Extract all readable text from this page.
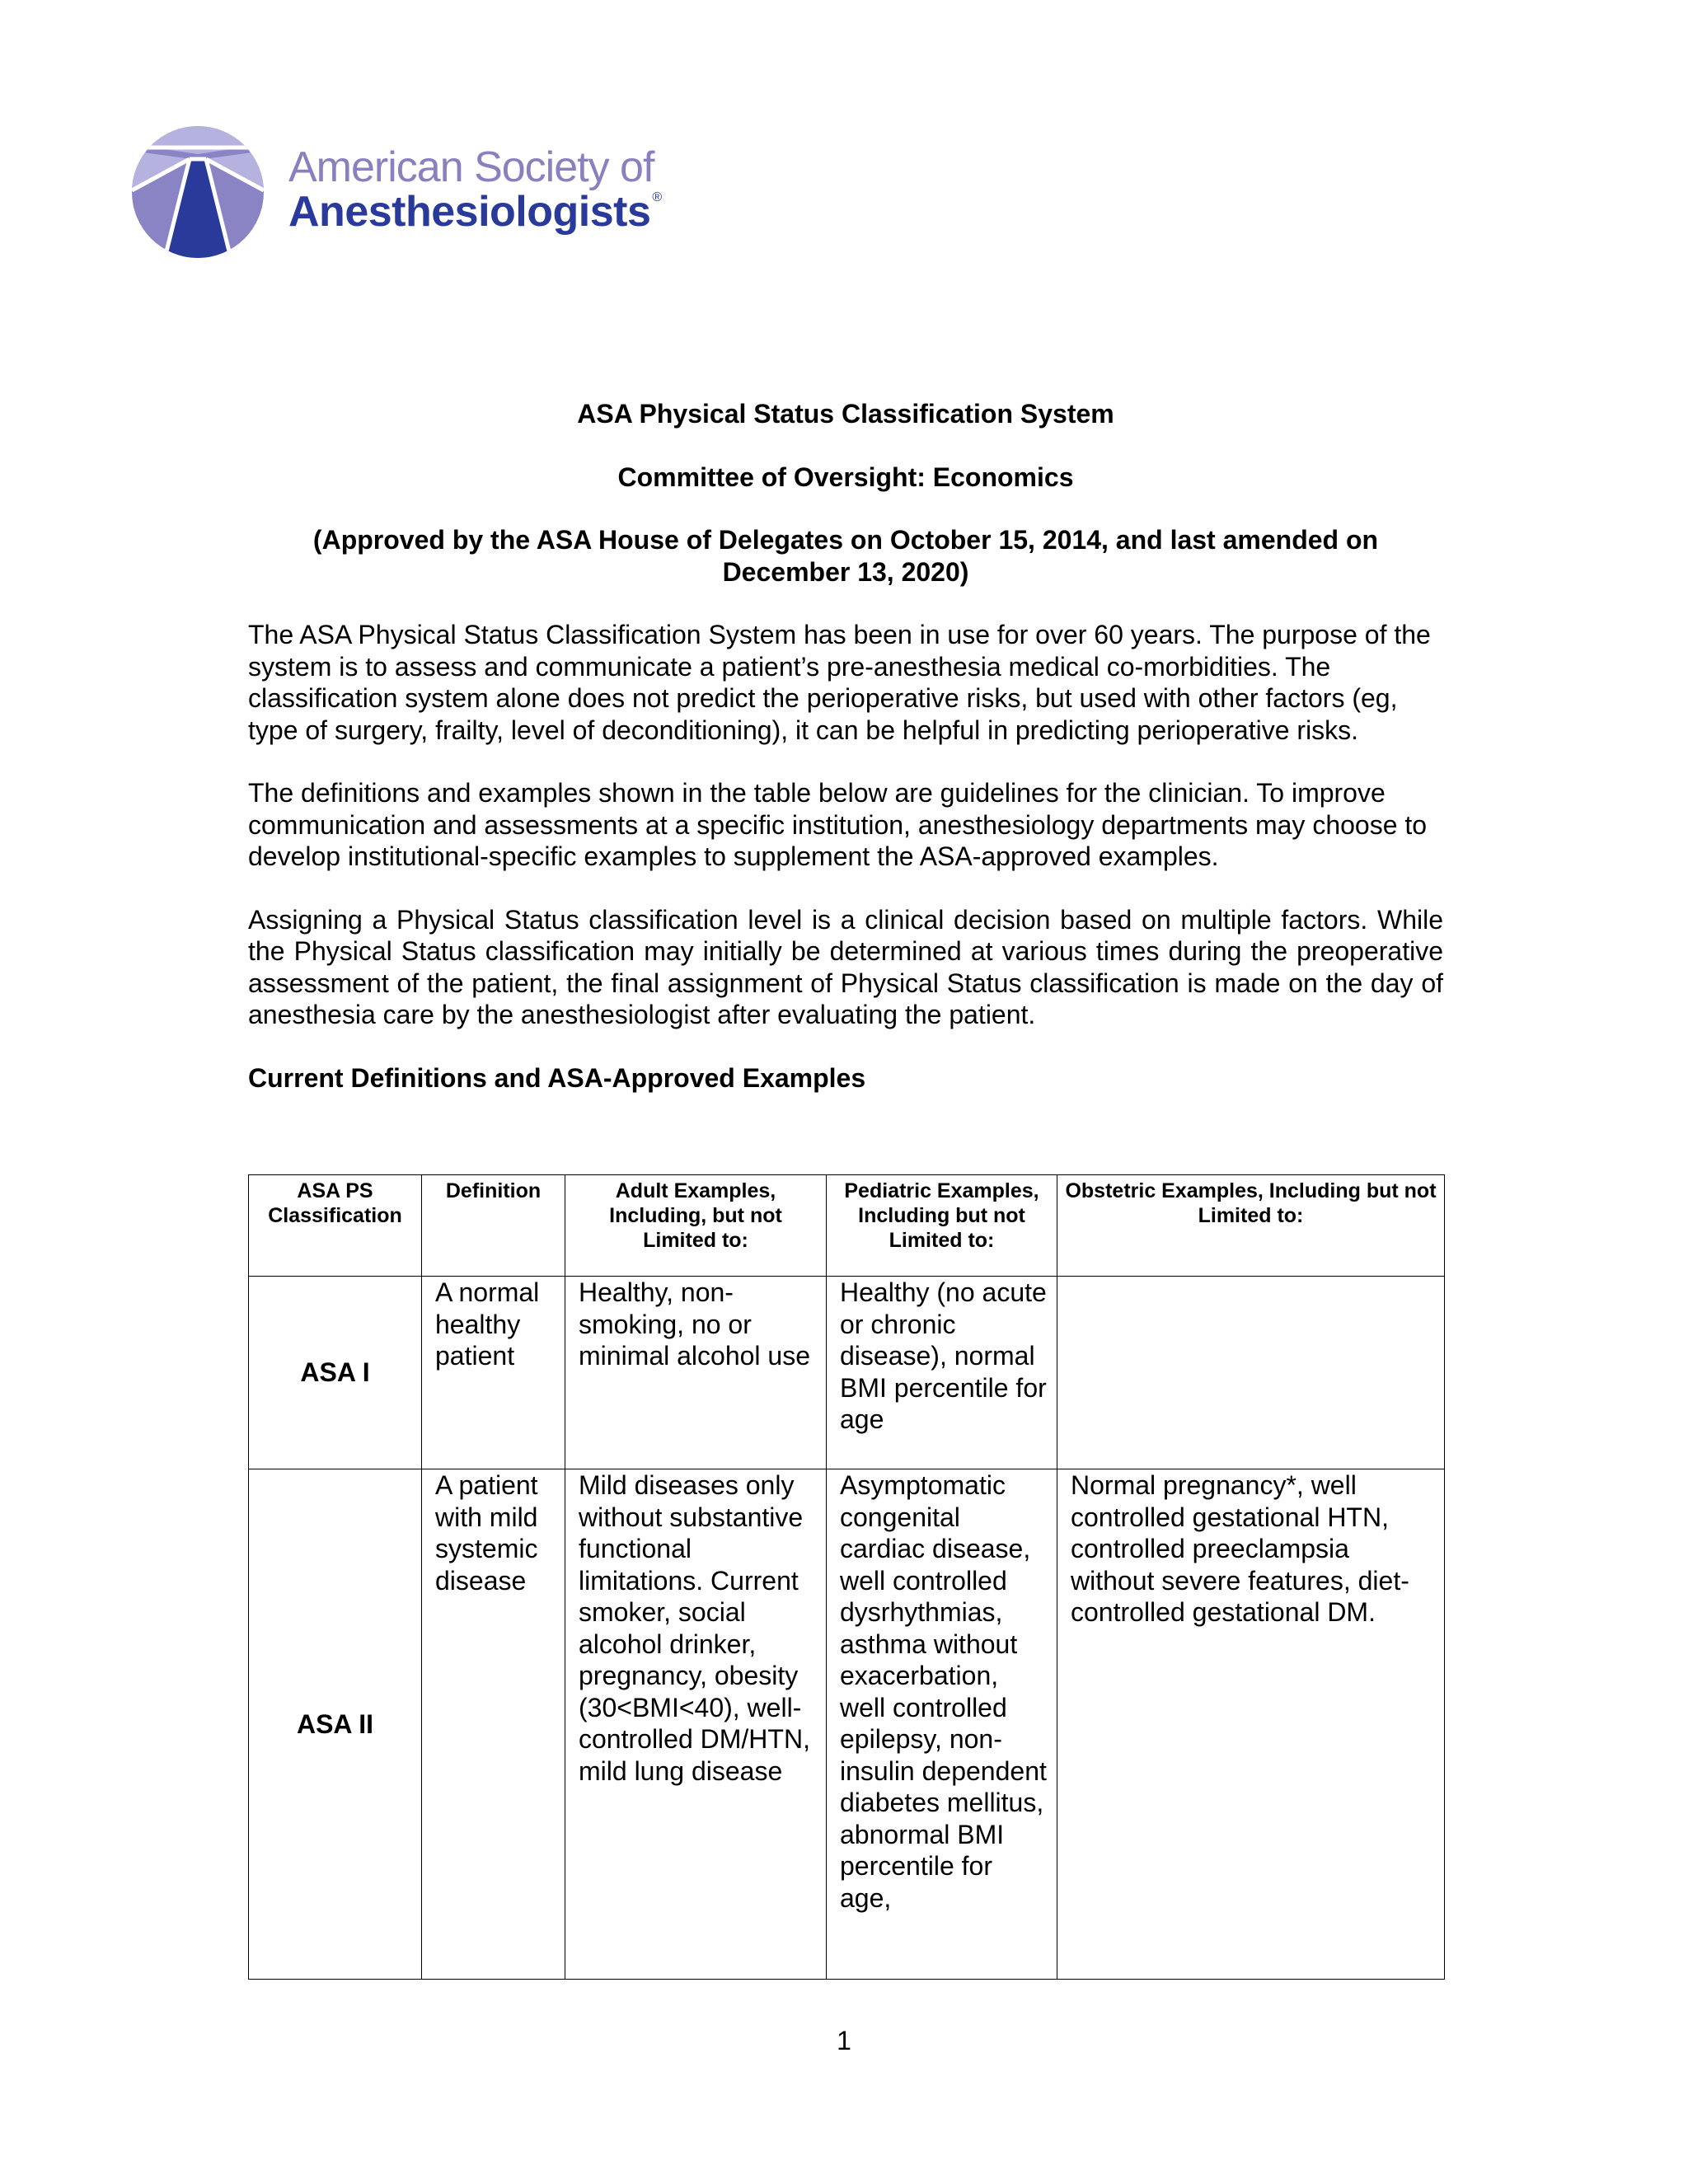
American Society of
Anesthesiologists ®

ASA Physical Status Classification System

Committee of Oversight: Economics

(Approved by the ASA House of Delegates on October 15, 2014, and last amended on December 13, 2020)

The ASA Physical Status Classification System has been in use for over 60 years. The purpose of the system is to assess and communicate a patient’s pre-anesthesia medical co-morbidities. The classification system alone does not predict the perioperative risks, but used with other factors (eg, type of surgery, frailty, level of deconditioning), it can be helpful in predicting perioperative risks.

The definitions and examples shown in the table below are guidelines for the clinician. To improve communication and assessments at a specific institution, anesthesiology departments may choose to develop institutional-specific examples to supplement the ASA-approved examples.

Assigning a Physical Status classification level is a clinical decision based on multiple factors. While the Physical Status classification may initially be determined at various times during the preoperative assessment of the patient, the final assignment of Physical Status classification is made on the day of anesthesia care by the anesthesiologist after evaluating the patient.

Current Definitions and ASA-Approved Examples

ASA PS Classification	Definition	Adult Examples, Including, but not Limited to:	Pediatric Examples, Including but not Limited to:	Obstetric Examples, Including but not Limited to:
ASA I	A normal healthy patient	Healthy, non-smoking, no or minimal alcohol use	Healthy (no acute or chronic disease), normal BMI percentile for age	
ASA II	A patient with mild systemic disease	Mild diseases only without substantive functional limitations. Current smoker, social alcohol drinker, pregnancy, obesity (30<BMI<40), well-controlled DM/HTN, mild lung disease	Asymptomatic congenital cardiac disease, well controlled dysrhythmias, asthma without exacerbation, well controlled epilepsy, non-insulin dependent diabetes mellitus, abnormal BMI percentile for age,	Normal pregnancy*, well controlled gestational HTN, controlled preeclampsia without severe features, diet-controlled gestational DM.
1
